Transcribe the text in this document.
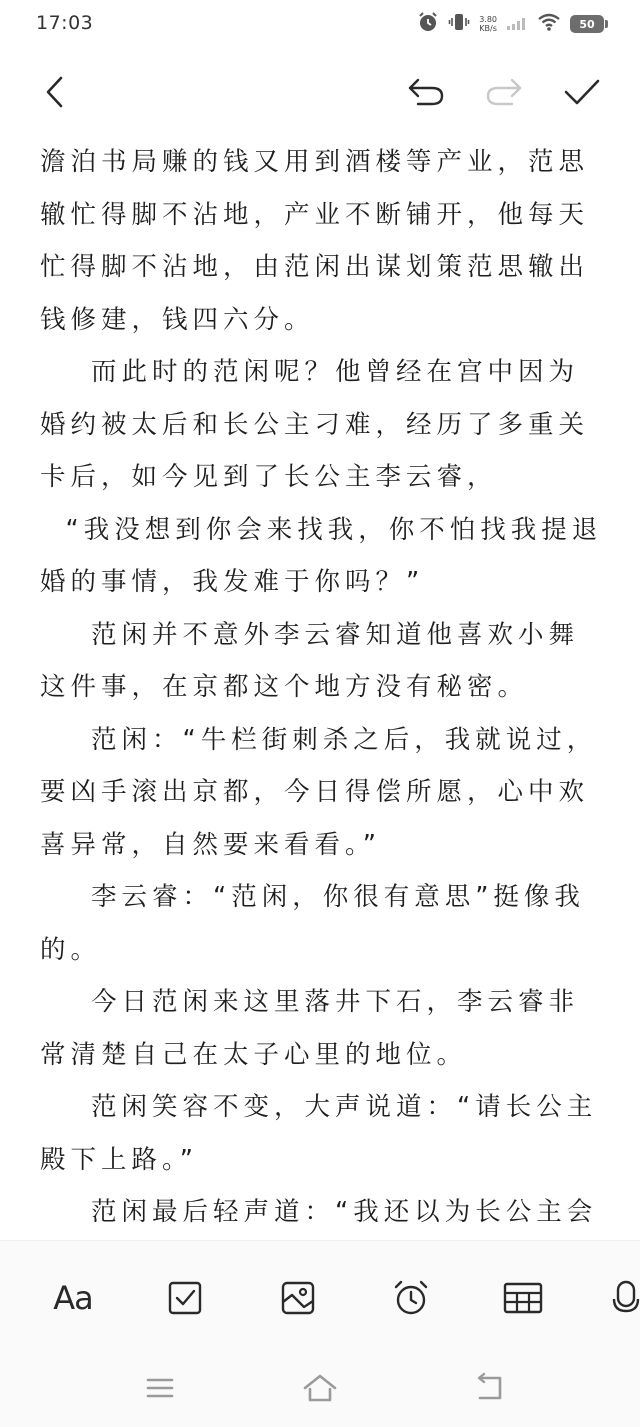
17:03	3.80
KB/s	50

澹泊书局赚的钱又用到酒楼等产业，范思辙忙得脚不沾地，产业不断铺开，他每天忙得脚不沾地，由范闲出谋划策范思辙出钱修建，钱四六分。

而此时的范闲呢？他曾经在宫中因为婚约被太后和长公主刁难，经历了多重关卡后，如今见到了长公主李云睿，

“我没想到你会来找我，你不怕找我提退婚的事情，我发难于你吗？”

范闲并不意外李云睿知道他喜欢小舞这件事，在京都这个地方没有秘密。

范闲：“牛栏街刺杀之后，我就说过，要凶手滚出京都，今日得偿所愿，心中欢喜异常，自然要来看看。”

李云睿：“范闲，你很有意思”挺像我的。

今日范闲来这里落井下石，李云睿非常清楚自己在太子心里的地位。

范闲笑容不变，大声说道：“请长公主殿下上路。”

范闲最后轻声道：“我还以为长公主会

Aa
